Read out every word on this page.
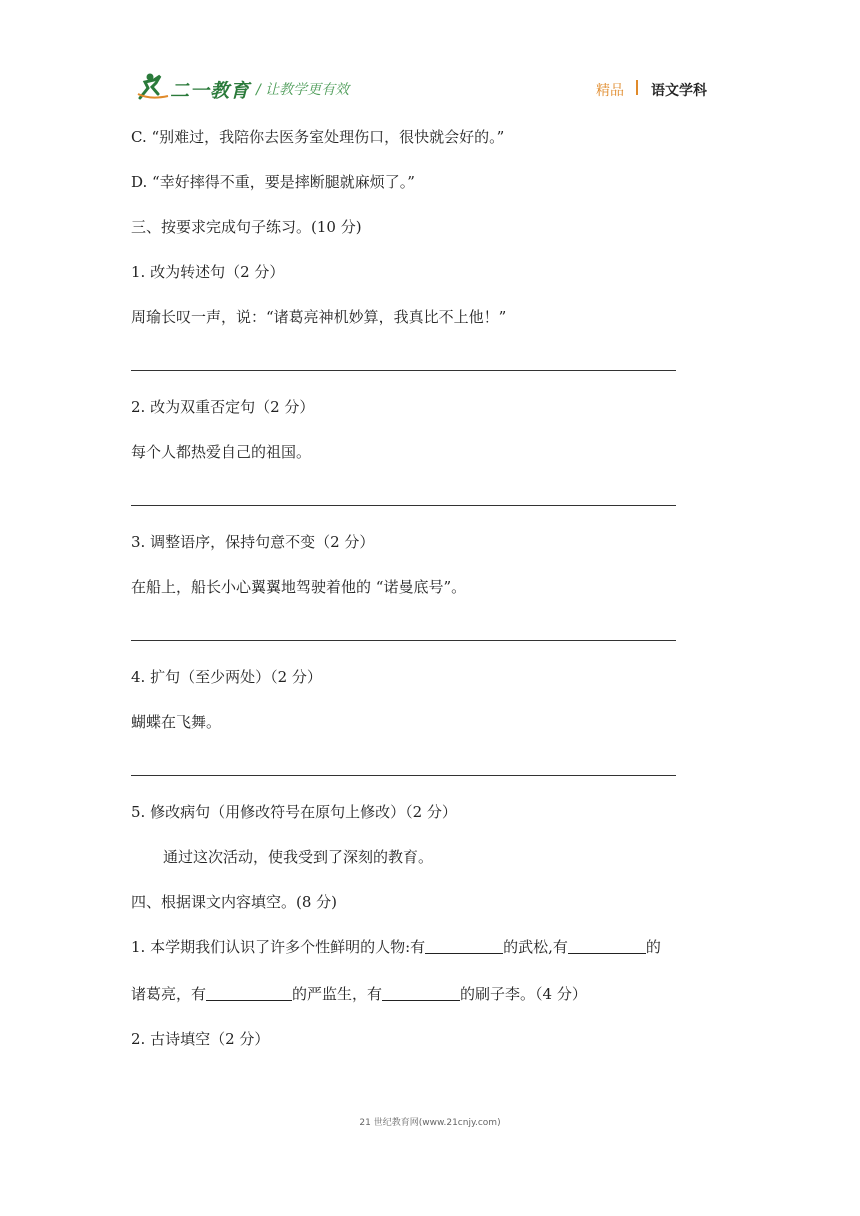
二一教育 / 让教学更有效	精品 语文学科
C. “别难过，我陪你去医务室处理伤口，很快就会好的。”
D. “幸好摔得不重，要是摔断腿就麻烦了。”
三、按要求完成句子练习。(10 分)
1. 改为转述句（2 分）
周瑜长叹一声，说：“诸葛亮神机妙算，我真比不上他！”
2. 改为双重否定句（2 分）
每个人都热爱自己的祖国。
3. 调整语序，保持句意不变（2 分）
在船上，船长小心翼翼地驾驶着他的 “诺曼底号”。
4. 扩句（至少两处）（2 分）
蝴蝶在飞舞。
5. 修改病句（用修改符号在原句上修改）（2 分）
通过这次活动，使我受到了深刻的教育。
四、根据课文内容填空。(8 分)
1. 本学期我们认识了许多个性鲜明的人物:有	的武松,有	的
诸葛亮，有	的严监生，有	的刷子李。（4 分）
2. 古诗填空（2 分）
21 世纪教育网(www.21cnjy.com)
